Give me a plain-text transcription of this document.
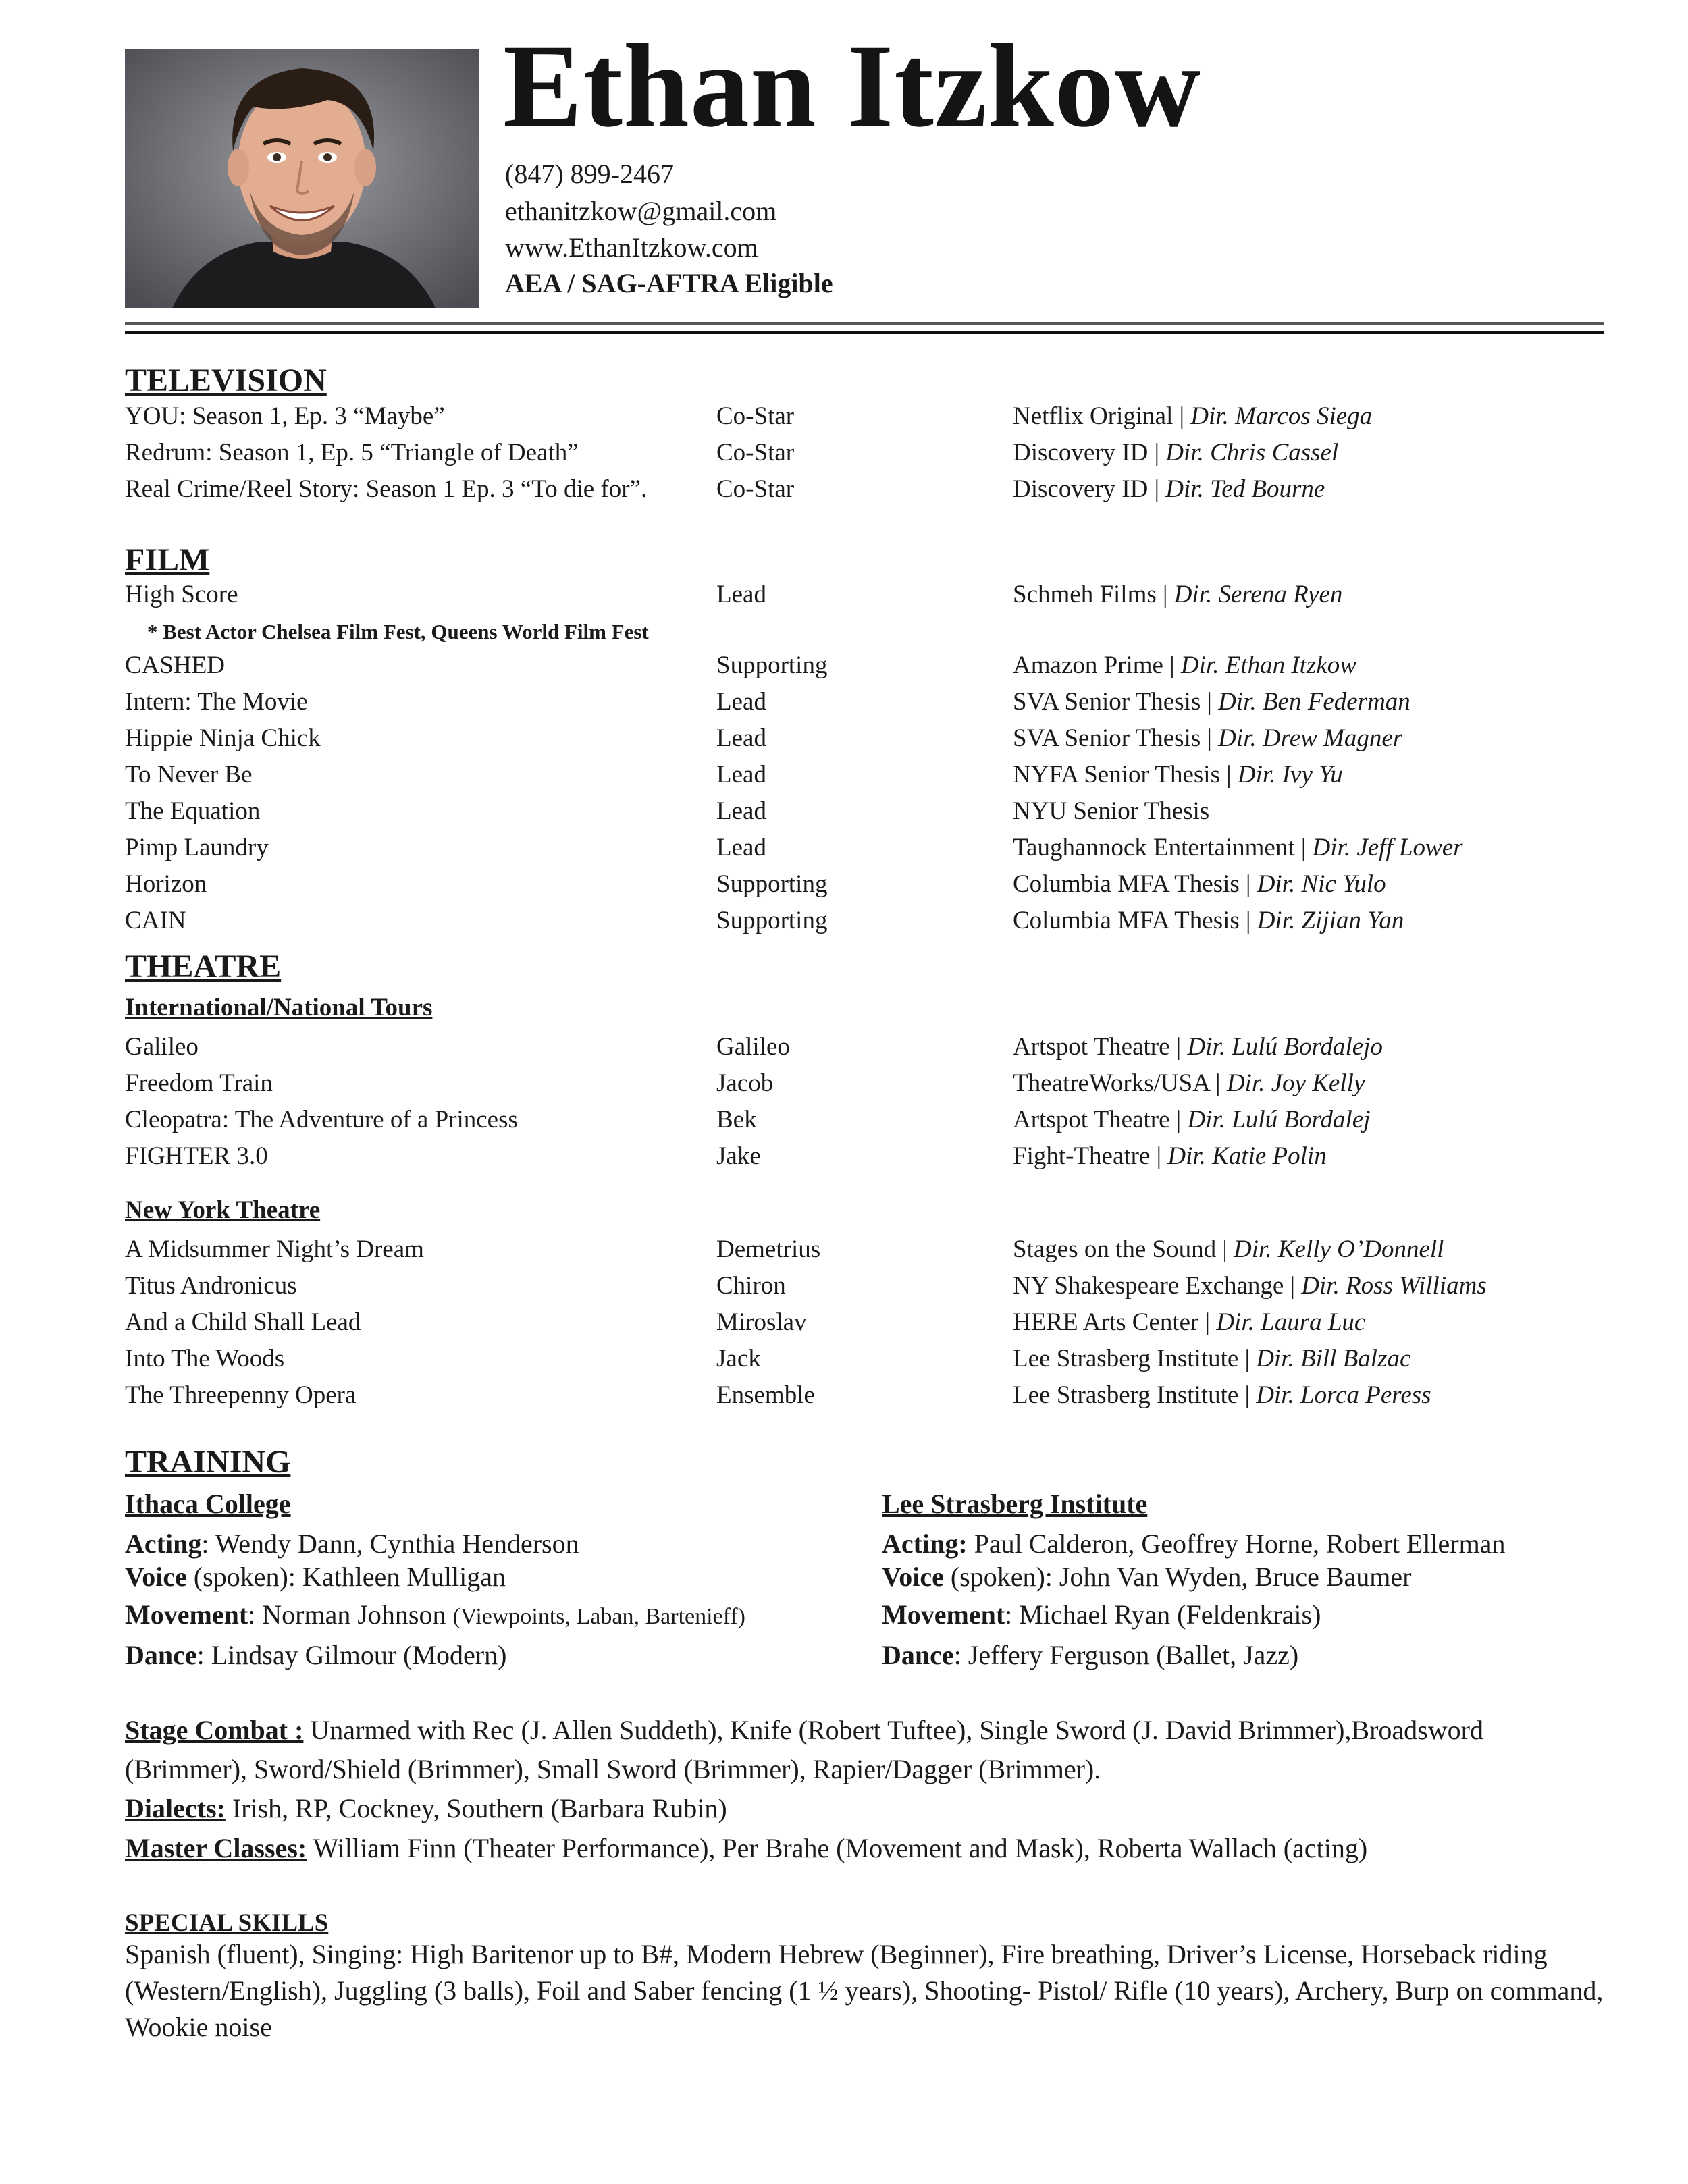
Ethan Itzkow
(847) 899-2467
ethanitzkow@gmail.com
www.EthanItzkow.com
AEA / SAG-AFTRA Eligible
TELEVISION
YOU: Season 1, Ep. 3 “Maybe”	Co-Star	Netflix Original | Dir. Marcos Siega
Redrum: Season 1, Ep. 5 “Triangle of Death”	Co-Star	Discovery ID | Dir. Chris Cassel
Real Crime/Reel Story: Season 1 Ep. 3 “To die for”.	Co-Star	Discovery ID | Dir. Ted Bourne
FILM
High Score	Lead	Schmeh Films | Dir. Serena Ryen
CASHED	Supporting	Amazon Prime | Dir. Ethan Itzkow
Intern: The Movie	Lead	SVA Senior Thesis | Dir. Ben Federman
Hippie Ninja Chick	Lead	SVA Senior Thesis | Dir. Drew Magner
To Never Be	Lead	NYFA Senior Thesis | Dir. Ivy Yu
The Equation	Lead	NYU Senior Thesis
Pimp Laundry	Lead	Taughannock Entertainment | Dir. Jeff Lower
Horizon	Supporting	Columbia MFA Thesis | Dir. Nic Yulo
CAIN	Supporting	Columbia MFA Thesis | Dir. Zijian Yan
* Best Actor Chelsea Film Fest, Queens World Film Fest
THEATRE
International/National Tours
Galileo	Galileo	Artspot Theatre | Dir. Lulú Bordalejo
Freedom Train	Jacob	TheatreWorks/USA | Dir. Joy Kelly
Cleopatra: The Adventure of a Princess	Bek	Artspot Theatre | Dir. Lulú Bordalej
FIGHTER 3.0	Jake	Fight-Theatre | Dir. Katie Polin
New York Theatre
A Midsummer Night’s Dream	Demetrius	Stages on the Sound | Dir. Kelly O’Donnell
Titus Andronicus	Chiron	NY Shakespeare Exchange | Dir. Ross Williams
And a Child Shall Lead	Miroslav	HERE Arts Center | Dir. Laura Luc
Into The Woods	Jack	Lee Strasberg Institute | Dir. Bill Balzac
The Threepenny Opera	Ensemble	Lee Strasberg Institute | Dir. Lorca Peress
TRAINING
Ithaca College
Acting: Wendy Dann, Cynthia Henderson
Voice (spoken): Kathleen Mulligan
Movement: Norman Johnson (Viewpoints, Laban, Bartenieff)
Dance: Lindsay Gilmour (Modern)
Lee Strasberg Institute
Acting: Paul Calderon, Geoffrey Horne, Robert Ellerman
Voice (spoken): John Van Wyden, Bruce Baumer
Movement: Michael Ryan (Feldenkrais)
Dance: Jeffery Ferguson (Ballet, Jazz)
Stage Combat : Unarmed with Rec (J. Allen Suddeth), Knife (Robert Tuftee), Single Sword (J. David Brimmer),Broadsword (Brimmer), Sword/Shield (Brimmer), Small Sword (Brimmer), Rapier/Dagger (Brimmer).
Dialects: Irish, RP, Cockney, Southern (Barbara Rubin)
Master Classes: William Finn (Theater Performance), Per Brahe (Movement and Mask), Roberta Wallach (acting)
SPECIAL SKILLS
Spanish (fluent), Singing: High Baritenor up to B#, Modern Hebrew (Beginner), Fire breathing, Driver’s License, Horseback riding (Western/English), Juggling (3 balls), Foil and Saber fencing (1 ½ years), Shooting- Pistol/ Rifle (10 years), Archery, Burp on command, Wookie noise
